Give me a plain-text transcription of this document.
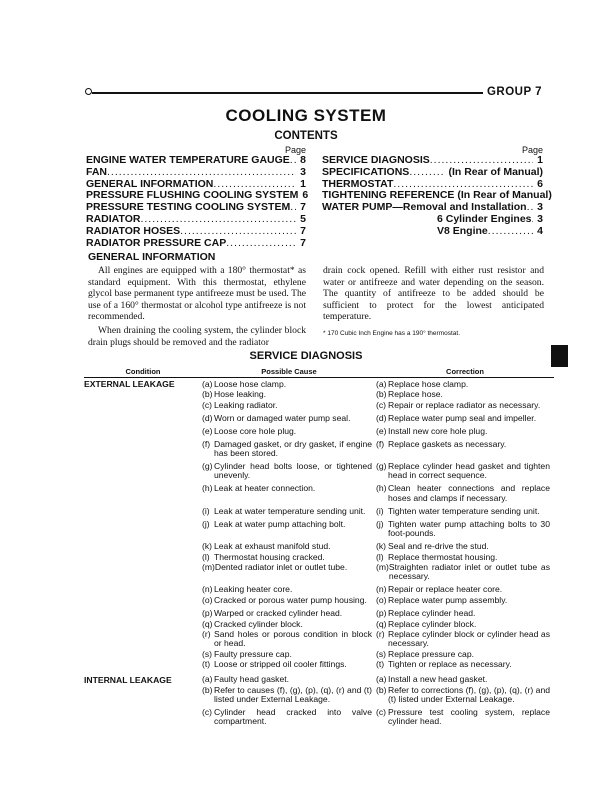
GROUP 7
COOLING SYSTEM
CONTENTS
Page
ENGINE WATER TEMPERATURE GAUGE ..... 8
FAN .....	3
GENERAL INFORMATION .....	1
PRESSURE FLUSHING COOLING SYSTEM 6
PRESSURE TESTING COOLING SYSTEM ..... 7
RADIATOR .....	5
RADIATOR HOSES .....	7
RADIATOR PRESSURE CAP .....	7
Page
SERVICE DIAGNOSIS .....	1
SPECIFICATIONS .....	(In Rear of Manual)
THERMOSTAT .....	6
TIGHTENING REFERENCE (In Rear of Manual)
WATER PUMP—Removal and Installation .....	3
6 Cylinder Engines ..... 3
V8 Engine .....	4
GENERAL INFORMATION

All engines are equipped with a 180° thermostat* as standard equipment. With this thermostat, ethylene glycol base permanent type antifreeze must be used. The use of a 160° thermostat or alcohol type antifreeze is not recommended.

When draining the cooling system, the cylinder block drain plugs should be removed and the radiator

drain cock opened. Refill with either rust resistor and water or antifreeze and water depending on the season. The quantity of antifreeze to be added should be sufficient to protect for the lowest anticipated temperature.

* 170 Cubic Inch Engine has a 190° thermostat.
SERVICE DIAGNOSIS
Condition	Possible Cause	Correction
EXTERNAL LEAKAGE	(a) Loose hose clamp.	(a) Replace hose clamp.
(b) Hose leaking.	(b) Replace hose.
(c) Leaking radiator.	(c) Repair or replace radiator as necessary.
(d) Worn or damaged water pump seal.	(d) Replace water pump seal and impeller.
(e) Loose core hole plug.	(e) Install new core hole plug.
(f) Damaged gasket, or dry gasket, if engine has been stored.
(f) Replace gaskets as necessary.
(g) Cylinder head bolts loose, or tightened unevenly.
(g) Replace cylinder head gasket and tighten head in correct sequence.
(h) Leak at heater connection.	(h) Clean heater connections and replace hoses and clamps if necessary.
(i) Leak at water temperature sending unit.	(i) Tighten water temperature sending unit.
(j) Leak at water pump attaching bolt.	(j) Tighten water pump attaching bolts to 30 foot-pounds.
(k) Leak at exhaust manifold stud.	(k) Seal and re-drive the stud.
(l) Thermostat housing cracked.	(l) Replace thermostat housing.
(m) Dented radiator inlet or outlet tube.	(m) Straighten radiator inlet or outlet tube as necessary.
(n) Leaking heater core.	(n) Repair or replace heater core.
(o) Cracked or porous water pump housing.	(o) Replace water pump assembly.
(p) Warped or cracked cylinder head.	(p) Replace cylinder head.
(q) Cracked cylinder block.	(q) Replace cylinder block.
(r) Sand holes or porous condition in block or head.
(r) Replace cylinder block or cylinder head as necessary.
(s) Faulty pressure cap.	(s) Replace pressure cap.
(t) Loose or stripped oil cooler fittings.	(t) Tighten or replace as necessary.
INTERNAL LEAKAGE	(a) Faulty head gasket.	(a) Install a new head gasket.
(b) Refer to causes (f), (g), (p), (q), (r) and (t) listed under External Leakage.
(b) Refer to corrections (f), (g), (p), (q), (r) and (t) listed under External Leakage.
(c) Cylinder head cracked into valve compartment.
(c) Pressure test cooling system, replace cylinder head.
